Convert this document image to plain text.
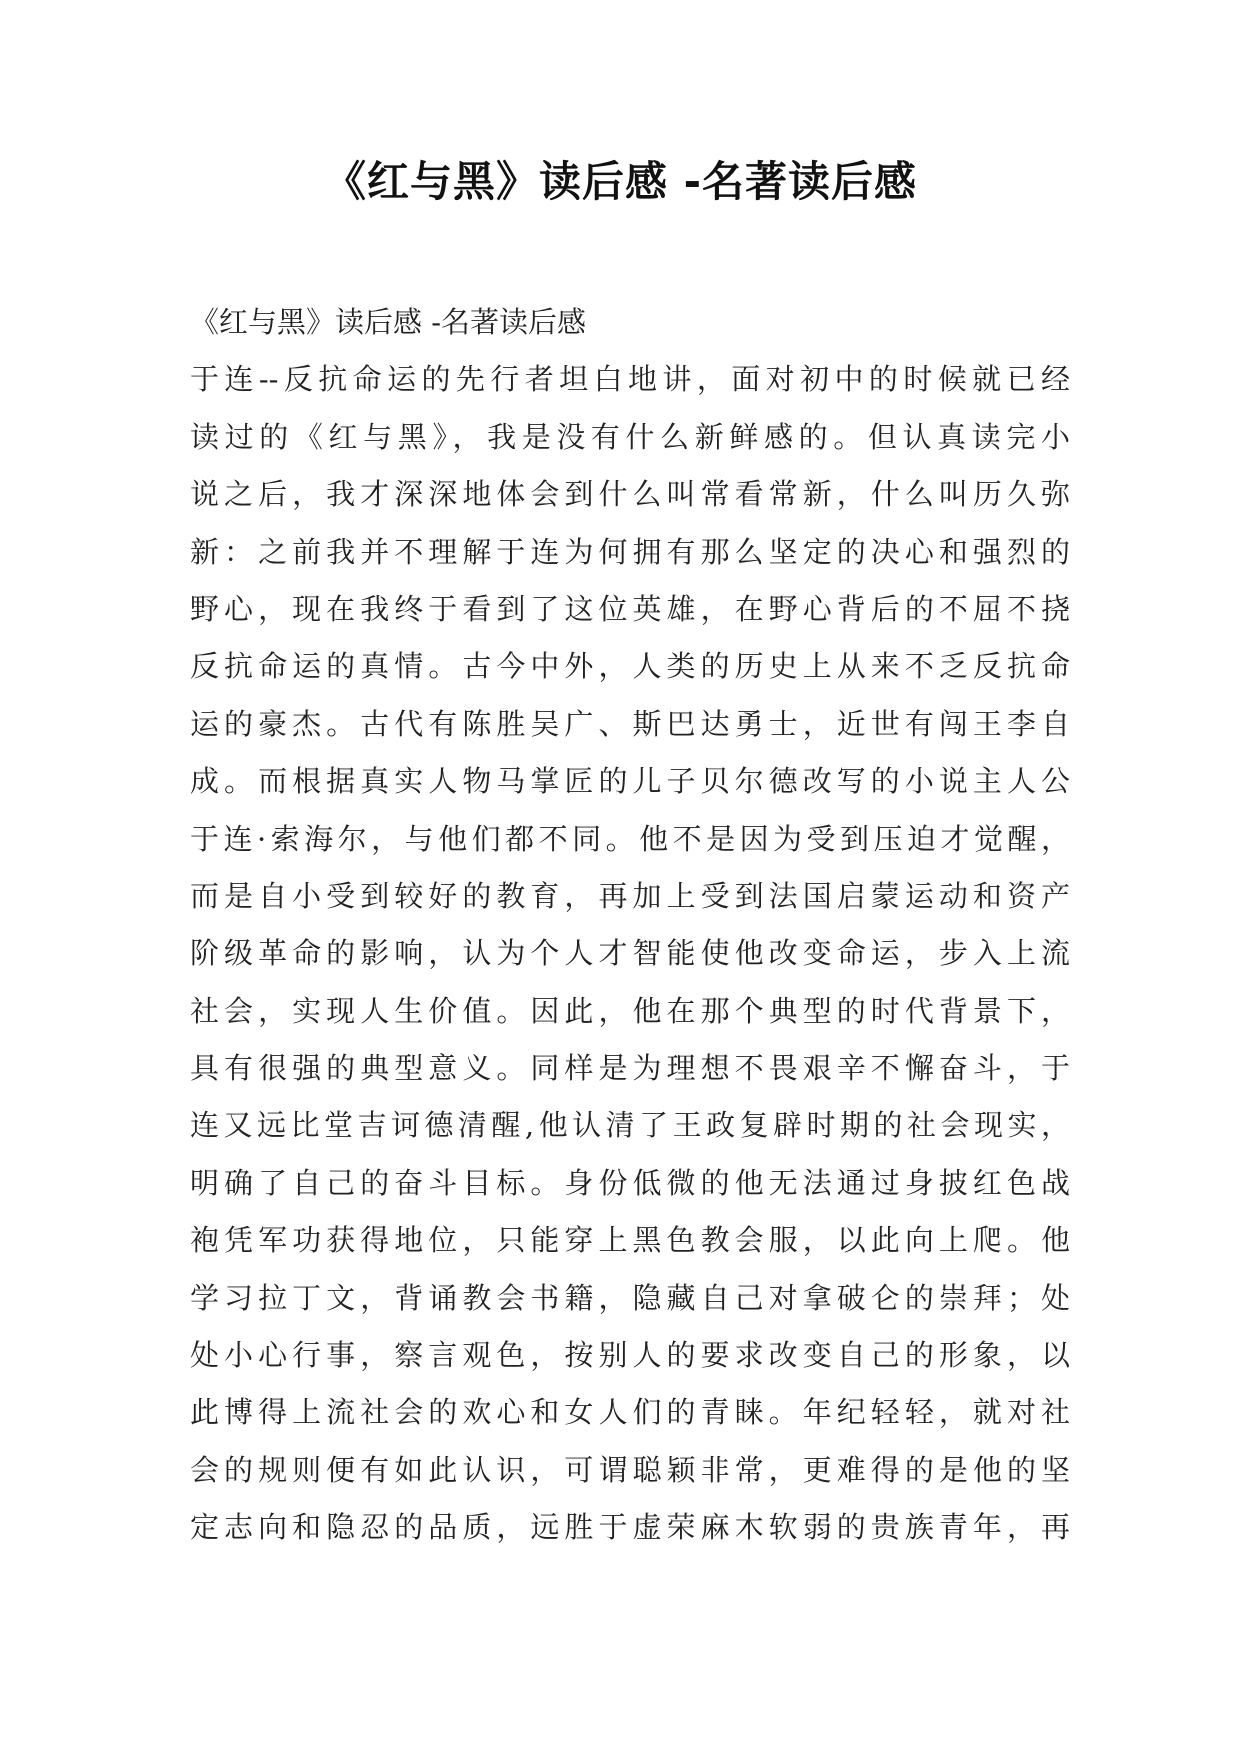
《红与黑》读后感 -名著读后感
《红与黑》读后感 -名著读后感
于连--反抗命运的先行者坦白地讲，面对初中的时候就已经
读过的《红与黑》，我是没有什么新鲜感的。但认真读完小
说之后，我才深深地体会到什么叫常看常新，什么叫历久弥
新：之前我并不理解于连为何拥有那么坚定的决心和强烈的
野心，现在我终于看到了这位英雄，在野心背后的不屈不挠
反抗命运的真情。古今中外，人类的历史上从来不乏反抗命
运的豪杰。古代有陈胜吴广、斯巴达勇士，近世有闯王李自
成。而根据真实人物马掌匠的儿子贝尔德改写的小说主人公
于连·索海尔，与他们都不同。他不是因为受到压迫才觉醒，
而是自小受到较好的教育，再加上受到法国启蒙运动和资产
阶级革命的影响，认为个人才智能使他改变命运，步入上流
社会，实现人生价值。因此，他在那个典型的时代背景下，
具有很强的典型意义。同样是为理想不畏艰辛不懈奋斗，于
连又远比堂吉诃德清醒,他认清了王政复辟时期的社会现实，
明确了自己的奋斗目标。身份低微的他无法通过身披红色战
袍凭军功获得地位，只能穿上黑色教会服，以此向上爬。他
学习拉丁文，背诵教会书籍，隐藏自己对拿破仑的崇拜；处
处小心行事，察言观色，按别人的要求改变自己的形象，以
此博得上流社会的欢心和女人们的青睐。年纪轻轻，就对社
会的规则便有如此认识，可谓聪颖非常，更难得的是他的坚
定志向和隐忍的品质，远胜于虚荣麻木软弱的贵族青年，再
